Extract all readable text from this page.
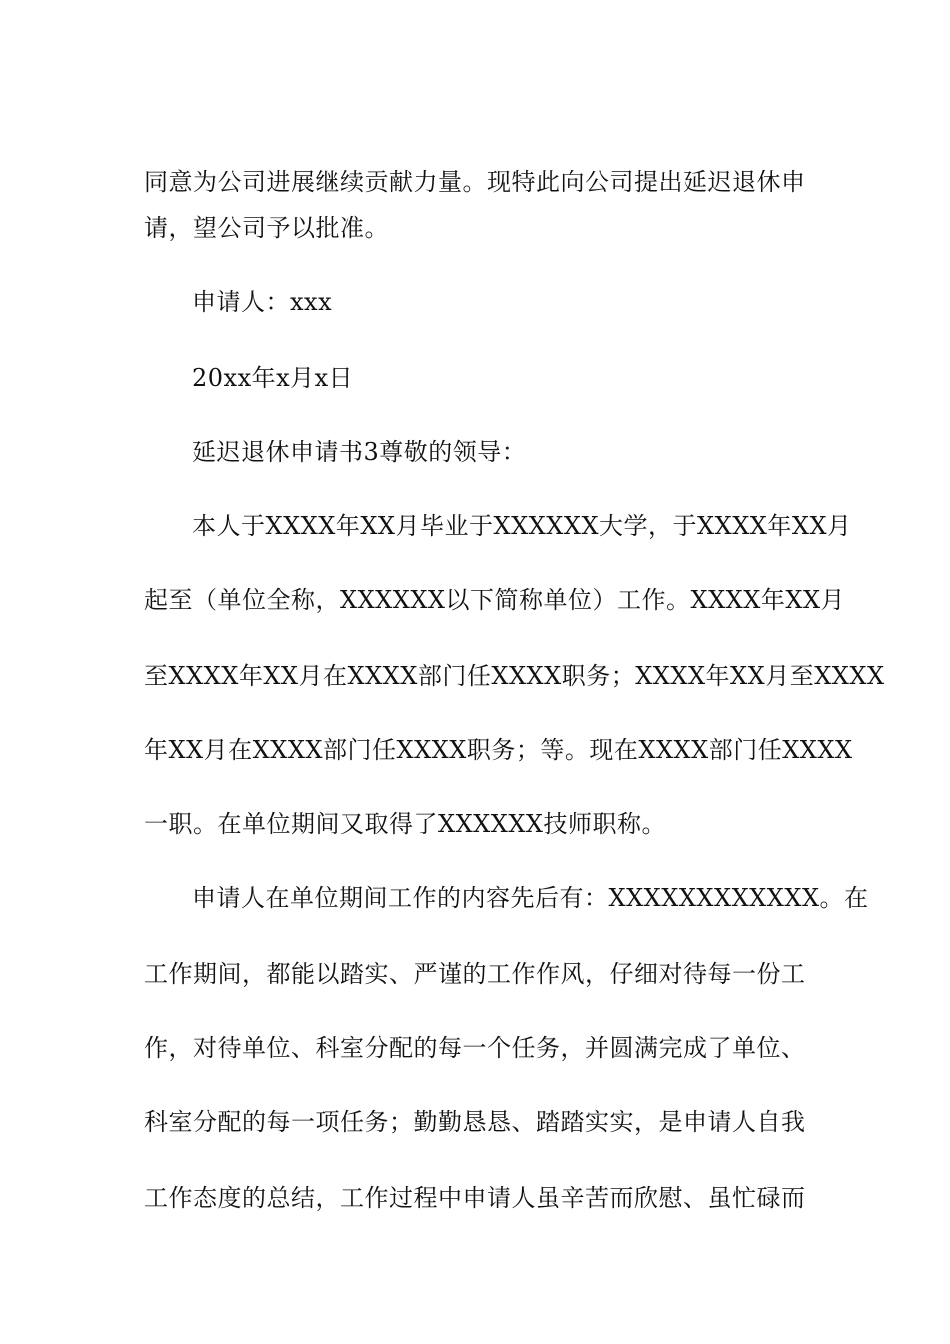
同意为公司进展继续贡献力量。现特此向公司提出延迟退休申
请，望公司予以批准。
申请人：xxx
20xx年x月x日
延迟退休申请书3尊敬的领导：
本人于XXXX年XX月毕业于XXXXXX大学，于XXXX年XX月
起至（单位全称，XXXXXX以下简称单位）工作。XXXX年XX月
至XXXX年XX月在XXXX部门任XXXX职务；XXXX年XX月至XXXX
年XX月在XXXX部门任XXXX职务；等。现在XXXX部门任XXXX
一职。在单位期间又取得了XXXXXX技师职称。
申请人在单位期间工作的内容先后有：XXXXXXXXXXXX。在
工作期间，都能以踏实、严谨的工作作风，仔细对待每一份工
作，对待单位、科室分配的每一个任务，并圆满完成了单位、
科室分配的每一项任务；勤勤恳恳、踏踏实实，是申请人自我
工作态度的总结，工作过程中申请人虽辛苦而欣慰、虽忙碌而
